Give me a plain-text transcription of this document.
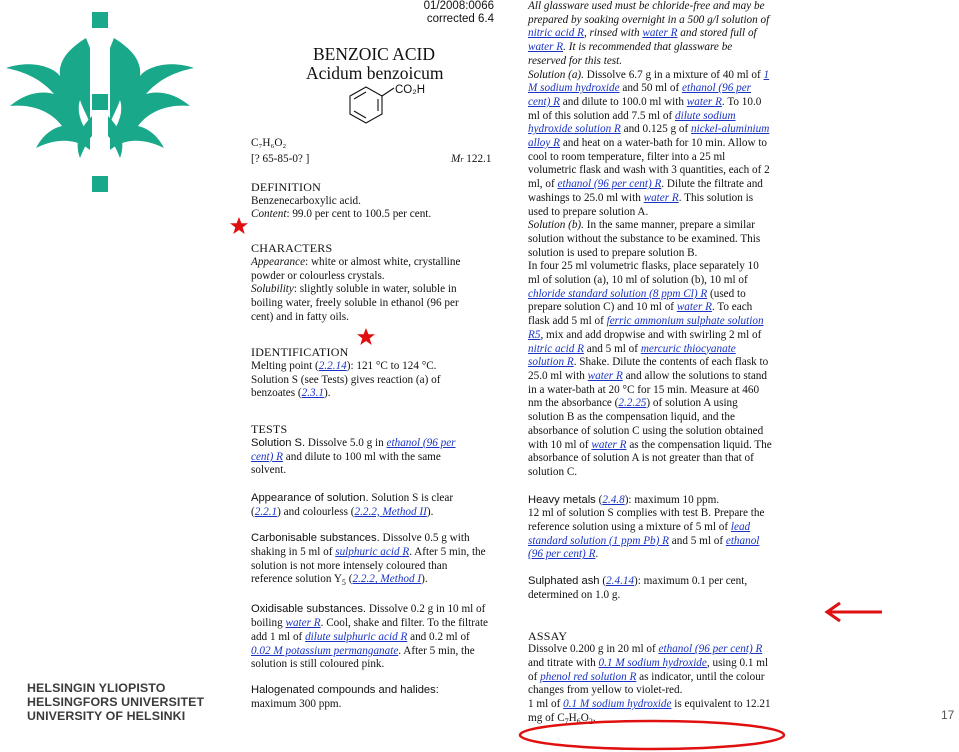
HELSINGIN YLIOPISTO
HELSINGFORS UNIVERSITET
UNIVERSITY OF HELSINKI
01/2008:0066
corrected 6.4
BENZOIC ACID
Acidum benzoicum
CO₂H
C₇H₆O₂
[? 65-85-0? ]	Mr 122.1

DEFINITION

Benzenecarboxylic acid.

Content: 99.0 per cent to 100.5 per cent.

CHARACTERS

Appearance: white or almost white, crystalline powder or colourless crystals.

Solubility: slightly soluble in water, soluble in boiling water, freely soluble in ethanol (96 per cent) and in fatty oils.

IDENTIFICATION

Melting point (2.2.14): 121 °C to 124 °C.

Solution S (see Tests) gives reaction (a) of benzoates (2.3.1).

TESTS

Solution S. Dissolve 5.0 g in ethanol (96 per cent) R and dilute to 100 ml with the same solvent.

Appearance of solution. Solution S is clear (2.2.1) and colourless (2.2.2, Method II).

Carbonisable substances. Dissolve 0.5 g with shaking in 5 ml of sulphuric acid R. After 5 min, the solution is not more intensely coloured than reference solution $Y_5$ (2.2.2, Method I).

Oxidisable substances. Dissolve 0.2 g in 10 ml of boiling water R. Cool, shake and filter. To the filtrate add 1 ml of dilute sulphuric acid R and 0.2 ml of 0.02 M potassium permanganate. After 5 min, the solution is still coloured pink.

Halogenated compounds and halides:

maximum 300 ppm.

All glassware used must be chloride-free and may be prepared by soaking overnight in a 500 g/l solution of nitric acid R, rinsed with water R and stored full of water R. It is recommended that glassware be reserved for this test.

Solution (a). Dissolve 6.7 g in a mixture of 40 ml of 1 M sodium hydroxide and 50 ml of ethanol (96 per cent) R and dilute to 100.0 ml with water R. To 10.0 ml of this solution add 7.5 ml of dilute sodium hydroxide solution R and 0.125 g of nickel-aluminium alloy R and heat on a water-bath for 10 min. Allow to cool to room temperature, filter into a 25 ml volumetric flask and wash with 3 quantities, each of 2 ml, of ethanol (96 per cent) R. Dilute the filtrate and washings to 25.0 ml with water R. This solution is used to prepare solution A.

Solution (b). In the same manner, prepare a similar solution without the substance to be examined. This solution is used to prepare solution B.

In four 25 ml volumetric flasks, place separately 10 ml of solution (a), 10 ml of solution (b), 10 ml of chloride standard solution (8 ppm Cl) R (used to prepare solution C) and 10 ml of water R. To each flask add 5 ml of ferric ammonium sulphate solution R5, mix and add dropwise and with swirling 2 ml of nitric acid R and 5 ml of mercuric thiocyanate solution R. Shake. Dilute the contents of each flask to 25.0 ml with water R and allow the solutions to stand in a water-bath at 20 °C for 15 min. Measure at 460 nm the absorbance (2.2.25) of solution A using solution B as the compensation liquid, and the absorbance of solution C using the solution obtained with 10 ml of water R as the compensation liquid. The absorbance of solution A is not greater than that of solution C.

Heavy metals (2.4.8): maximum 10 ppm.

12 ml of solution S complies with test B. Prepare the reference solution using a mixture of 5 ml of lead standard solution (1 ppm Pb) R and 5 ml of ethanol (96 per cent) R.

Sulphated ash (2.4.14): maximum 0.1 per cent, determined on 1.0 g.

ASSAY

Dissolve 0.200 g in 20 ml of ethanol (96 per cent) R and titrate with 0.1 M sodium hydroxide, using 0.1 ml of phenol red solution R as indicator, until the colour changes from yellow to violet-red.

1 ml of 0.1 M sodium hydroxide is equivalent to 12.21 mg of $C_7H_6O_2$.	17
